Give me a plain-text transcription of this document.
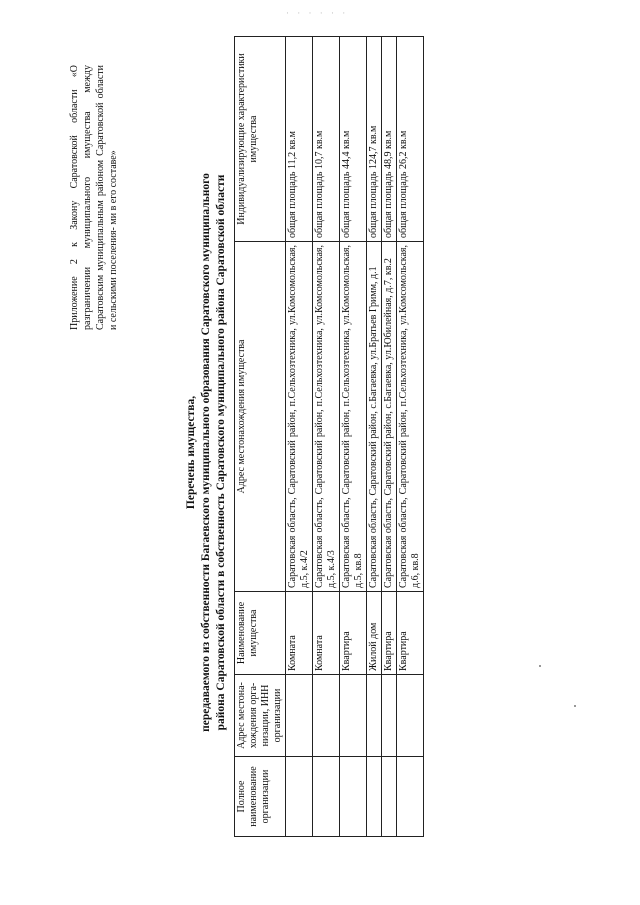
· · · · · ·
Приложение 2 к Закону Саратовской области «О разграничении муниципального имущества между Саратовским муниципальным районом Саратовской области и сельскими поселения- ми в его составе»
Перечень имущества, передаваемого из собственности Багаевского муниципального образования Саратовского муниципального района Саратовской области в собственность Саратовского муниципального района Саратовской области
Полное наименование организации	Адрес местона- хождения орга- низации, ИНН организации	Наименование имущества	Адрес местонахождения имущества	Индивидуализирующие характеристики имущества
		Комната	Саратовская область, Саратовский район, п.Сельхозтехника, ул.Комсомольская, д.5, к.4/2	общая площадь 11,2 кв.м
		Комната	Саратовская область, Саратовский район, п.Сельхозтехника, ул.Комсомольская, д.5, к.4/3	общая площадь 10,7 кв.м
		Квартира	Саратовская область, Саратовский район, п.Сельхозтехника, ул.Комсомольская, д.5, кв.8	общая площадь 44,4 кв.м
		Жилой дом	Саратовская область, Саратовский район, с.Багаевка, ул.Братьев Гримм, д.1	общая площадь 124,7 кв.м
		Квартира	Саратовская область, Саратовский район, с.Багаевка, ул.Юбилейная, д.7, кв.2	общая площадь 48,9 кв.м
		Квартира	Саратовская область, Саратовский район, п.Сельхозтехника, ул.Комсомольская, д.6, кв.8	общая площадь 26,2 кв.м
